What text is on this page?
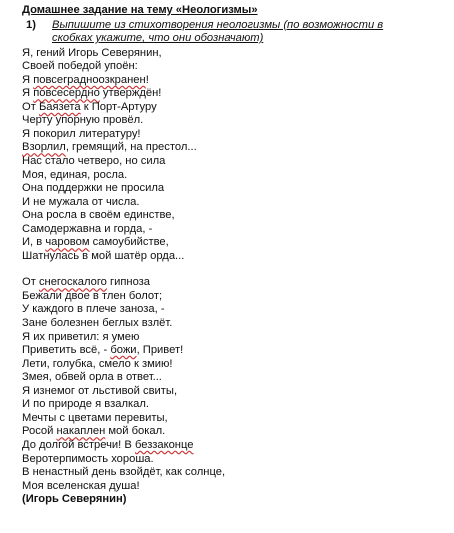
Домашнее задание на тему «Неологизмы»
1)	Выпишите из стихотворения неологизмы (по возможности в
скобках укажите, что они обозначают)
Я, гений Игорь Северянин,
Своей победой упоён:
Я повсеградноозкранен!
Я повсесердно утверждён!
От Баязета к Порт-Артуру
Черту упорную провёл.
Я покорил литературу!
Взорлил, гремящий, на престол...
Нас стало четверо, но сила
Моя, единая, росла.
Она поддержки не просила
И не мужала от числа.
Она росла в своём единстве,
Самодержавна и горда, -
И, в чаровом самоубийстве,
Шатнулась в мой шатёр орда...
От снегоскалого гипноза
Бежали двое в тлен болот;
У каждого в плече заноза, -
Зане болезнен беглых взлёт.
Я их приветил: я умею
Приветить всё, - божи, Привет!
Лети, голубка, смело к змию!
Змея, обвей орла в ответ...
Я изнемог от льстивой свиты,
И по природе я взалкал.
Мечты с цветами перевиты,
Росой накаплен мой бокал.
До долгой встречи! В беззаконце
Веротерпимость хороша.
В ненастный день взойдёт, как солнце,
Моя вселенская душа!
(Игорь Северянин)
